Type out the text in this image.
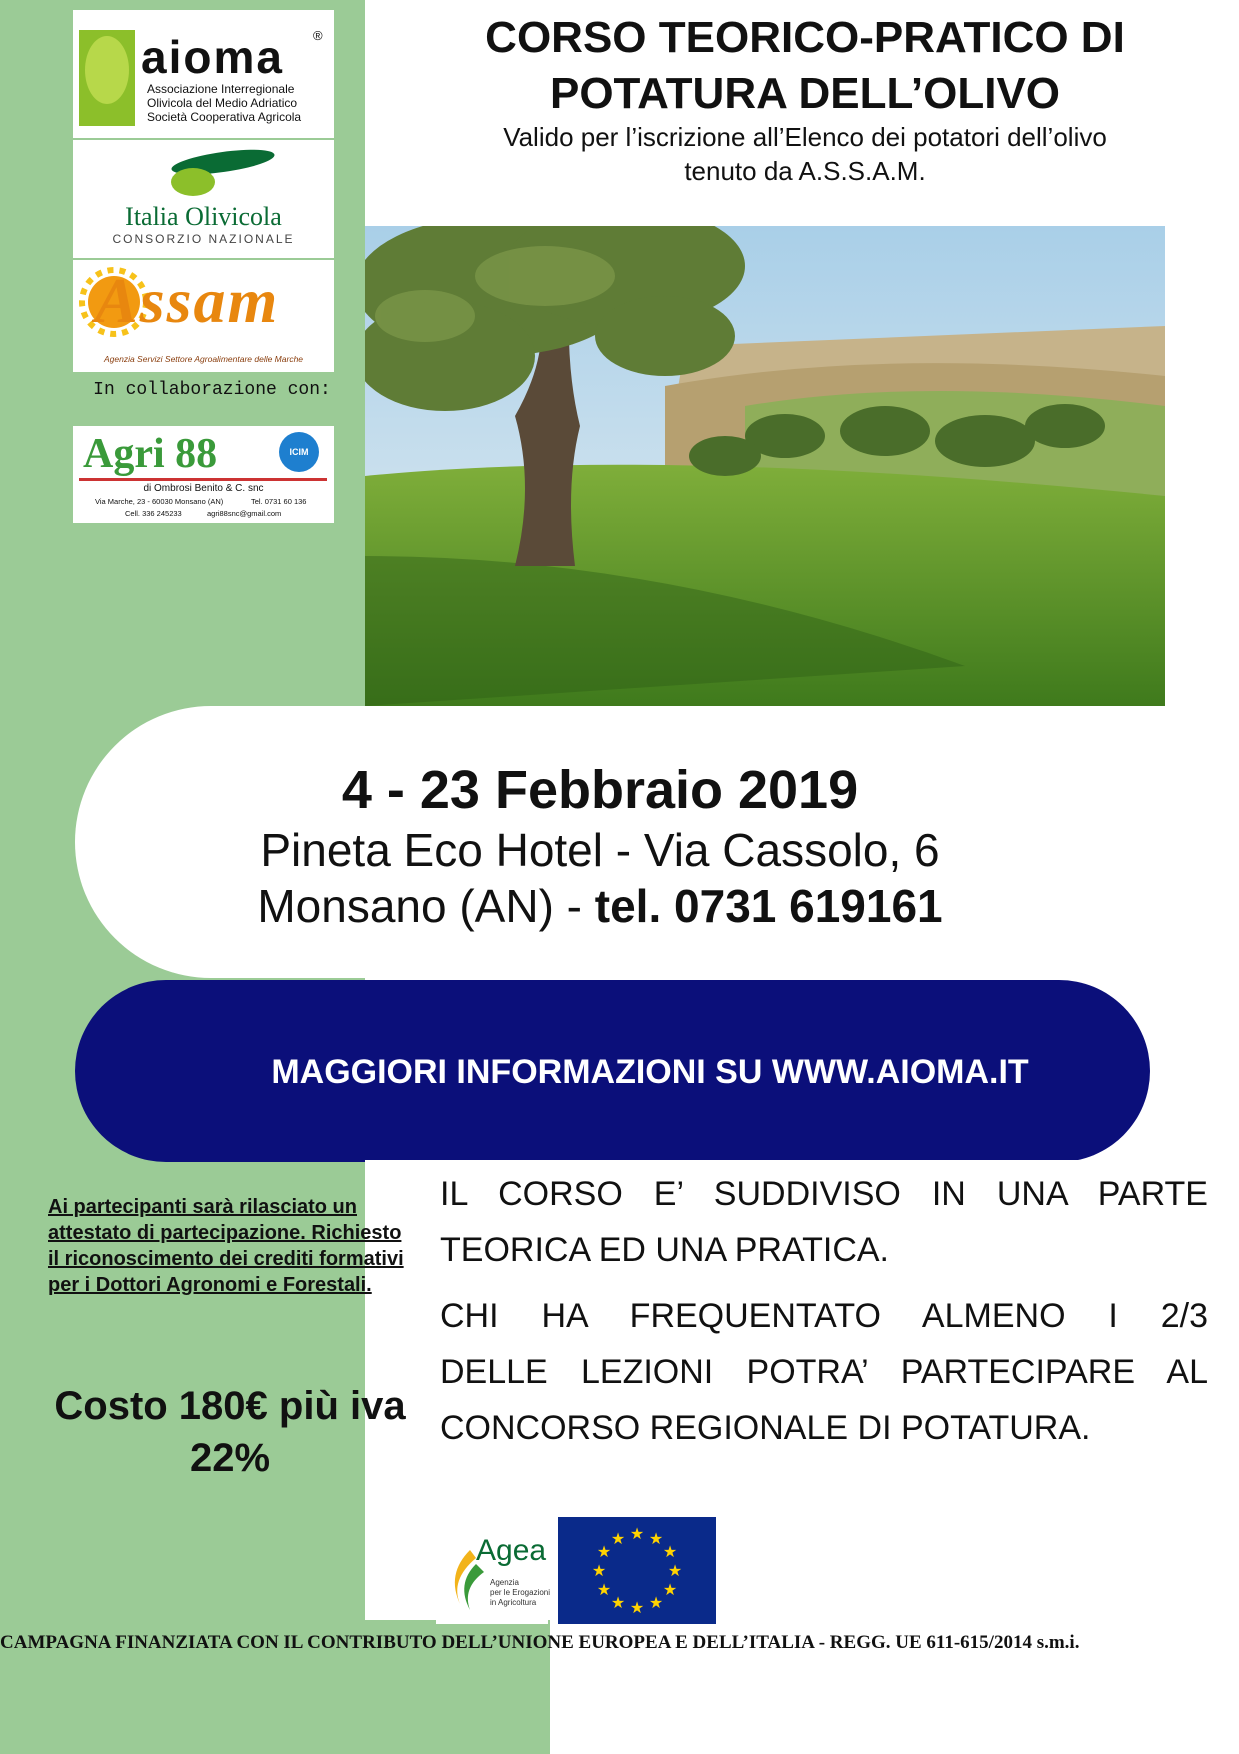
aioma ®
Associazione Interregionale
Olivicola del Medio Adriatico
Società Cooperativa Agricola
Italia Olivicola
CONSORZIO NAZIONALE
Assam
Agenzia Servizi Settore Agroalimentare delle Marche
In collaborazione con:
Agri 88	ICIM
di Ombrosi Benito & C. snc
Via Marche, 23 - 60030 Monsano (AN)	Tel. 0731 60 136
Cell. 336 245233	agri88snc@gmail.com
CORSO TEORICO-PRATICO DI POTATURA DELL’OLIVO
Valido per l’iscrizione all’Elenco dei potatori dell’olivo
tenuto da A.S.S.A.M.
4 - 23 Febbraio 2019
Pineta Eco Hotel - Via Cassolo, 6
Monsano (AN) - tel. 0731 619161
MAGGIORI INFORMAZIONI SU WWW.AIOMA.IT
Ai partecipanti sarà rilasciato un attestato di partecipazione. Richiesto il riconoscimento dei crediti formativi per i Dottori Agronomi e Forestali.
Costo 180€ più iva 22%

IL CORSO E’ SUDDIVISO IN UNA PARTE

TEORICA ED UNA PRATICA.

CHI HA FREQUENTATO ALMENO I 2/3

DELLE LEZIONI POTRA’ PARTECIPARE AL

CONCORSO REGIONALE DI POTATURA.

Agea
Agenzia
per le Erogazioni
in Agricoltura
★ ★
★
★
★
★
★
★
★
★
★
★
CAMPAGNA FINANZIATA CON IL CONTRIBUTO DELL’UNIONE EUROPEA E DELL’ITALIA - REGG. UE 611-615/2014 s.m.i.
